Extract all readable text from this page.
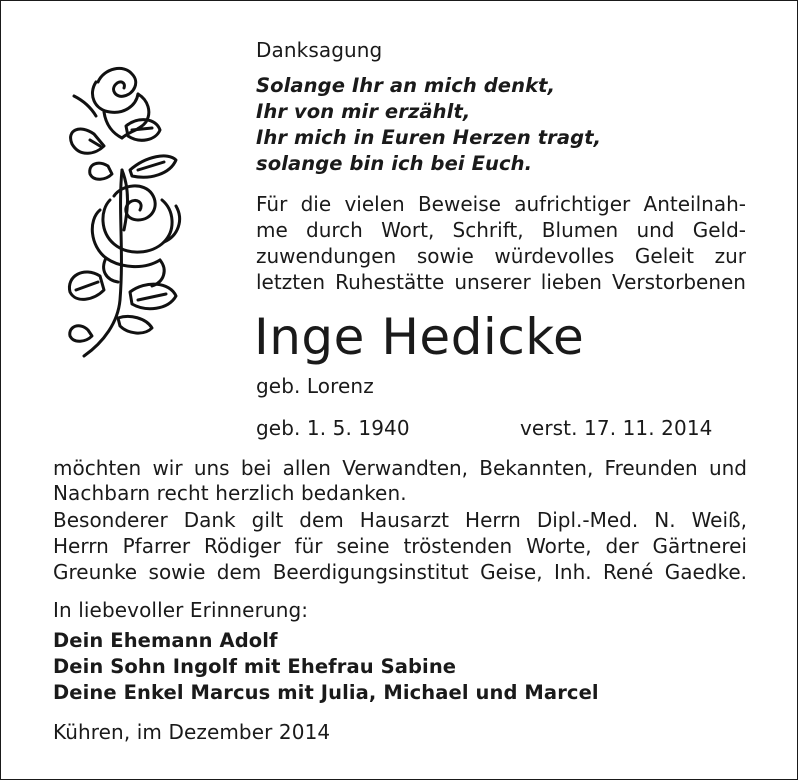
Danksagung
Solange Ihr an mich denkt,
Ihr von mir erzählt,
Ihr mich in Euren Herzen tragt,
solange bin ich bei Euch.
Für die vielen Beweise aufrichtiger Anteilnah-
me durch Wort, Schrift, Blumen und Geld-
zuwendungen sowie würdevolles Geleit zur
letzten Ruhestätte unserer lieben Verstorbenen
Inge Hedicke
geb. Lorenz
geb. 1. 5. 1940	verst. 17. 11. 2014
möchten wir uns bei allen Verwandten, Bekannten, Freunden und
Nachbarn recht herzlich bedanken.
Besonderer Dank gilt dem Hausarzt Herrn Dipl.-Med. N. Weiß,
Herrn Pfarrer Rödiger für seine tröstenden Worte, der Gärtnerei
Greunke sowie dem Beerdigungsinstitut Geise, Inh. René Gaedke.
In liebevoller Erinnerung:
Dein Ehemann Adolf
Dein Sohn Ingolf mit Ehefrau Sabine
Deine Enkel Marcus mit Julia, Michael und Marcel
Kühren, im Dezember 2014
